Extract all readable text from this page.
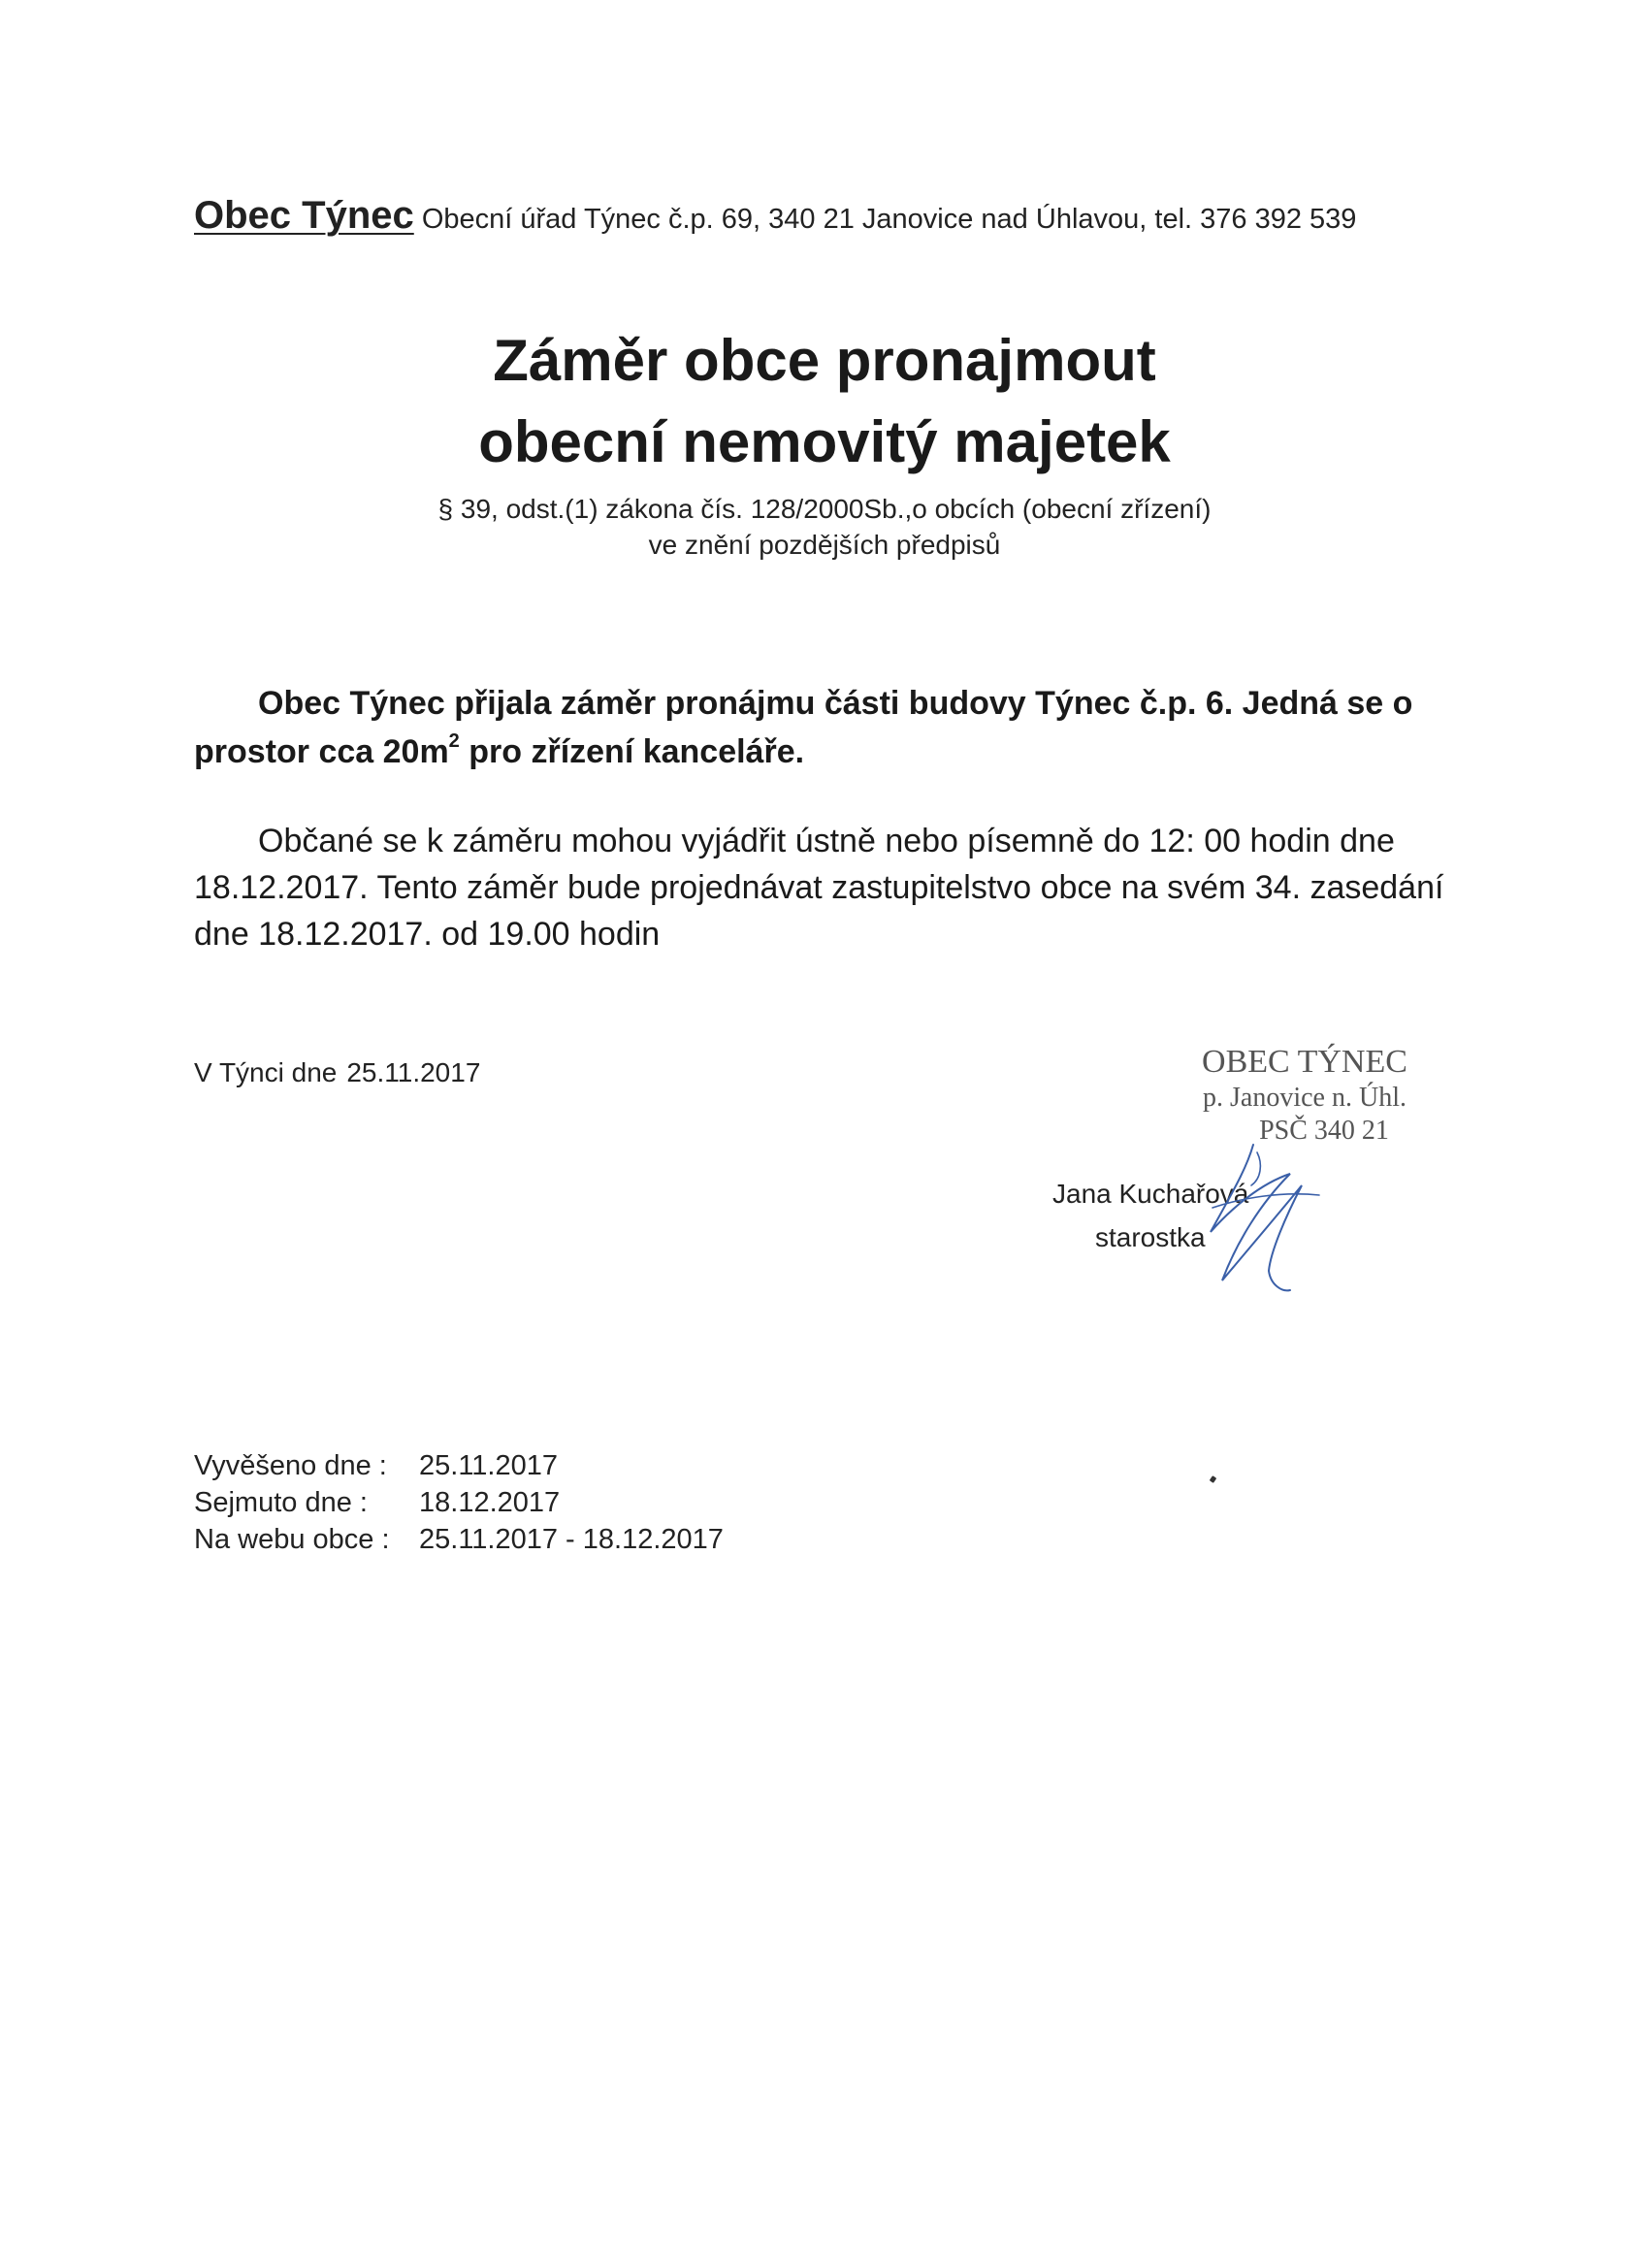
Obec Týnec Obecní úřad Týnec č.p. 69, 340 21 Janovice nad Úhlavou, tel. 376 392 539
Záměr obce pronajmout
obecní nemovitý majetek
§ 39, odst.(1) zákona čís. 128/2000Sb.,o obcích (obecní zřízení)
ve znění pozdějších předpisů
Obec Týnec přijala záměr pronájmu části budovy Týnec č.p. 6. Jedná se o prostor cca $20m^2$ pro zřízení kanceláře.
Občané se k záměru mohou vyjádřit ústně nebo písemně do 12: 00 hodin dne 18.12.2017. Tento záměr bude projednávat zastupitelstvo obce na svém 34. zasedání dne 18.12.2017. od 19.00 hodin
V Týnci dne 25.11.2017	OBEC TÝNEC
p. Janovice n. Úhl.
PSČ 340 21
Jana Kuchařová
starostka
Vyvěšeno dne : 25.11.2017
Sejmuto dne : 18.12.2017
Na webu obce : 25.11.2017 - 18.12.2017
